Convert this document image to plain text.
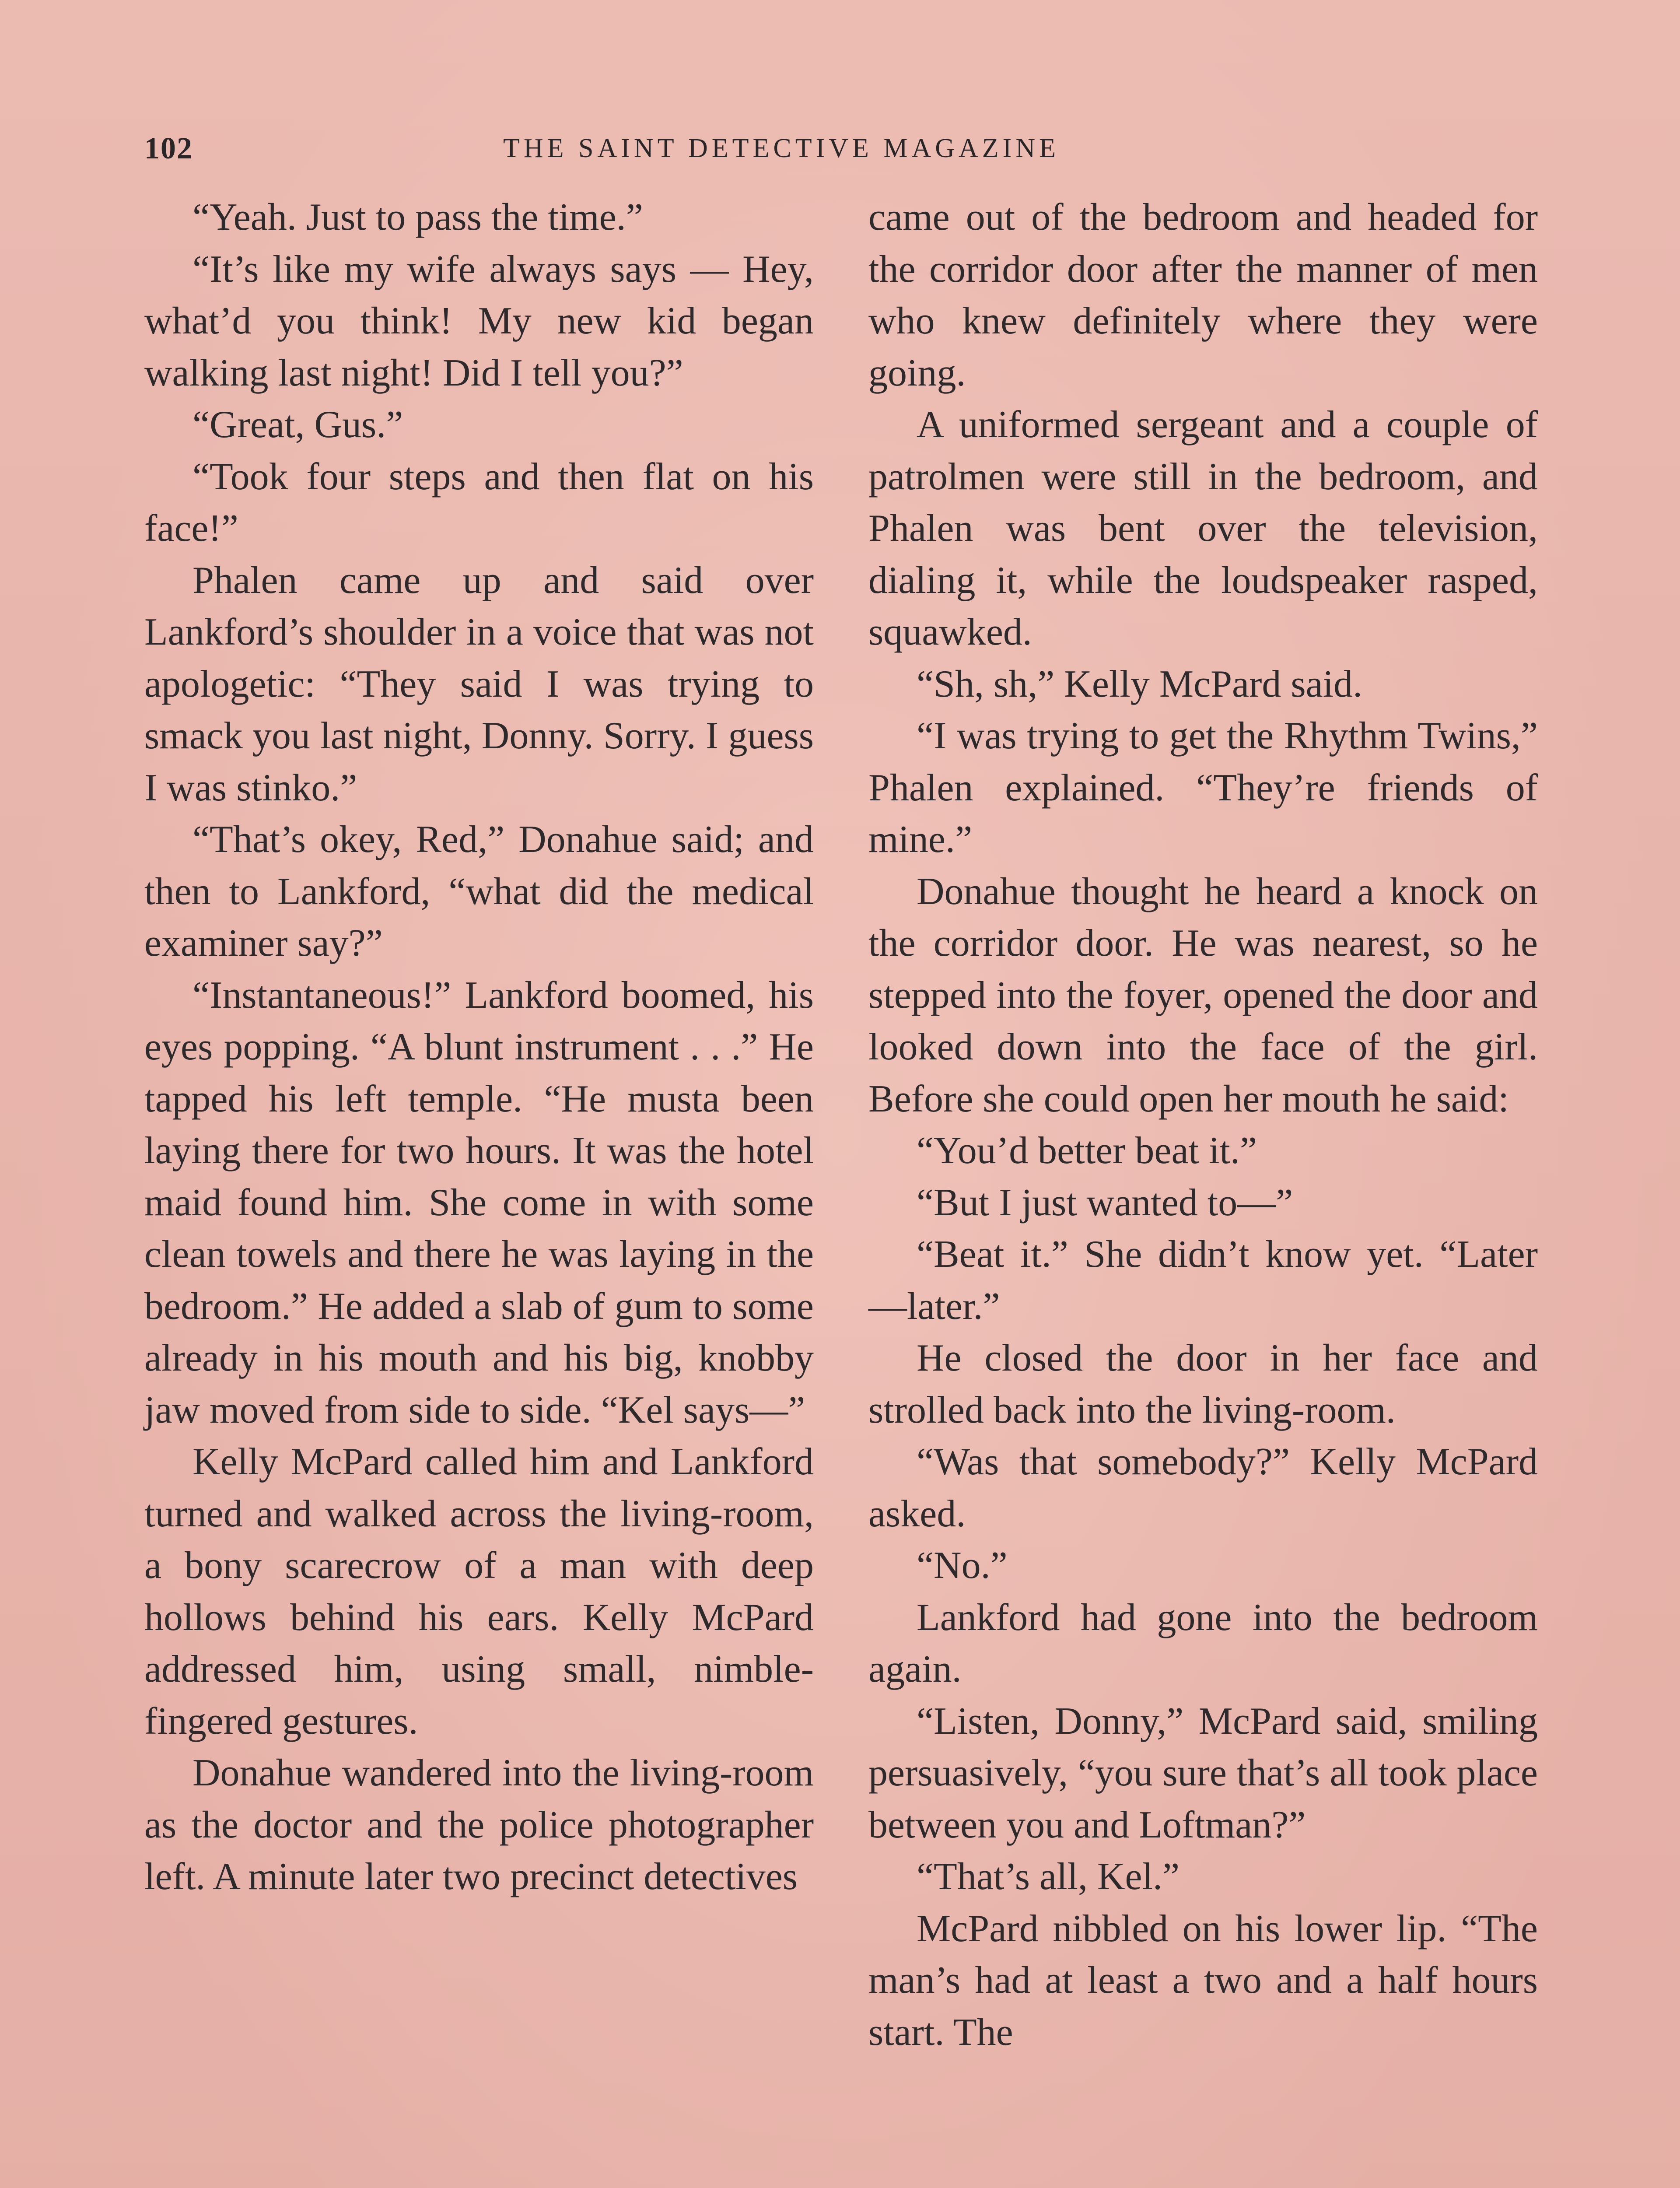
102	THE SAINT DETECTIVE MAGAZINE

“Yeah. Just to pass the time.”

“It’s like my wife always says — Hey, what’d you think! My new kid began walking last night! Did I tell you?”

“Great, Gus.”

“Took four steps and then flat on his face!”

Phalen came up and said over Lankford’s shoulder in a voice that was not apologetic: “They said I was trying to smack you last night, Donny. Sorry. I guess I was stinko.”

“That’s okey, Red,” Donahue said; and then to Lankford, “what did the medical examiner say?”

“Instantaneous!” Lankford boomed, his eyes popping. “A blunt instrument . . .” He tapped his left temple. “He musta been laying there for two hours. It was the hotel maid found him. She come in with some clean towels and there he was laying in the bedroom.” He added a slab of gum to some already in his mouth and his big, knobby jaw moved from side to side. “Kel says—”

Kelly McPard called him and Lankford turned and walked across the living-room, a bony scarecrow of a man with deep hollows behind his ears. Kelly McPard addressed him, using small, nimble-fingered gestures.

Donahue wandered into the living-room as the doctor and the police photographer left. A minute later two precinct detectives

came out of the bedroom and headed for the corridor door after the manner of men who knew definitely where they were going.

A uniformed sergeant and a couple of patrolmen were still in the bedroom, and Phalen was bent over the television, dialing it, while the loudspeaker rasped, squawked.

“Sh, sh,” Kelly McPard said.

“I was trying to get the Rhythm Twins,” Phalen explained. “They’re friends of mine.”

Donahue thought he heard a knock on the corridor door. He was nearest, so he stepped into the foyer, opened the door and looked down into the face of the girl. Before she could open her mouth he said:

“You’d better beat it.”

“But I just wanted to—”

“Beat it.” She didn’t know yet. “Later—later.”

He closed the door in her face and strolled back into the living-room.

“Was that somebody?” Kelly McPard asked.

“No.”

Lankford had gone into the bedroom again.

“Listen, Donny,” McPard said, smiling persuasively, “you sure that’s all took place between you and Loftman?”

“That’s all, Kel.”

McPard nibbled on his lower lip. “The man’s had at least a two and a half hours start. The
